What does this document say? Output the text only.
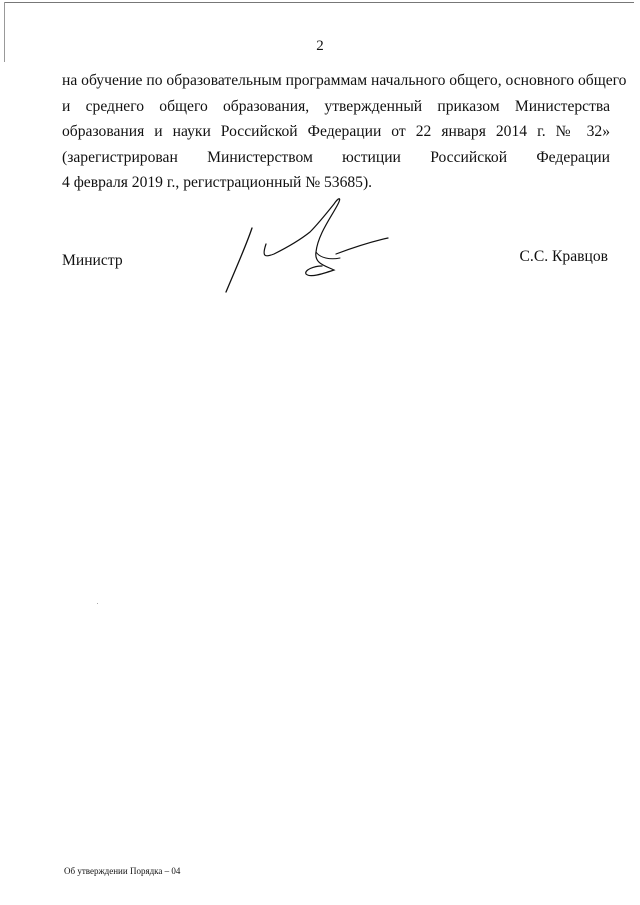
2
на обучение по образовательным программам начального общего, основного общего
и среднего общего образования, утвержденный приказом Министерства
образования и науки Российской Федерации от 22 января 2014 г. № 32»
(зарегистрирован Министерством юстиции Российской Федерации
4 февраля 2019 г., регистрационный № 53685).
Министр	С.С. Кравцов
Об утверждении Порядка – 04
